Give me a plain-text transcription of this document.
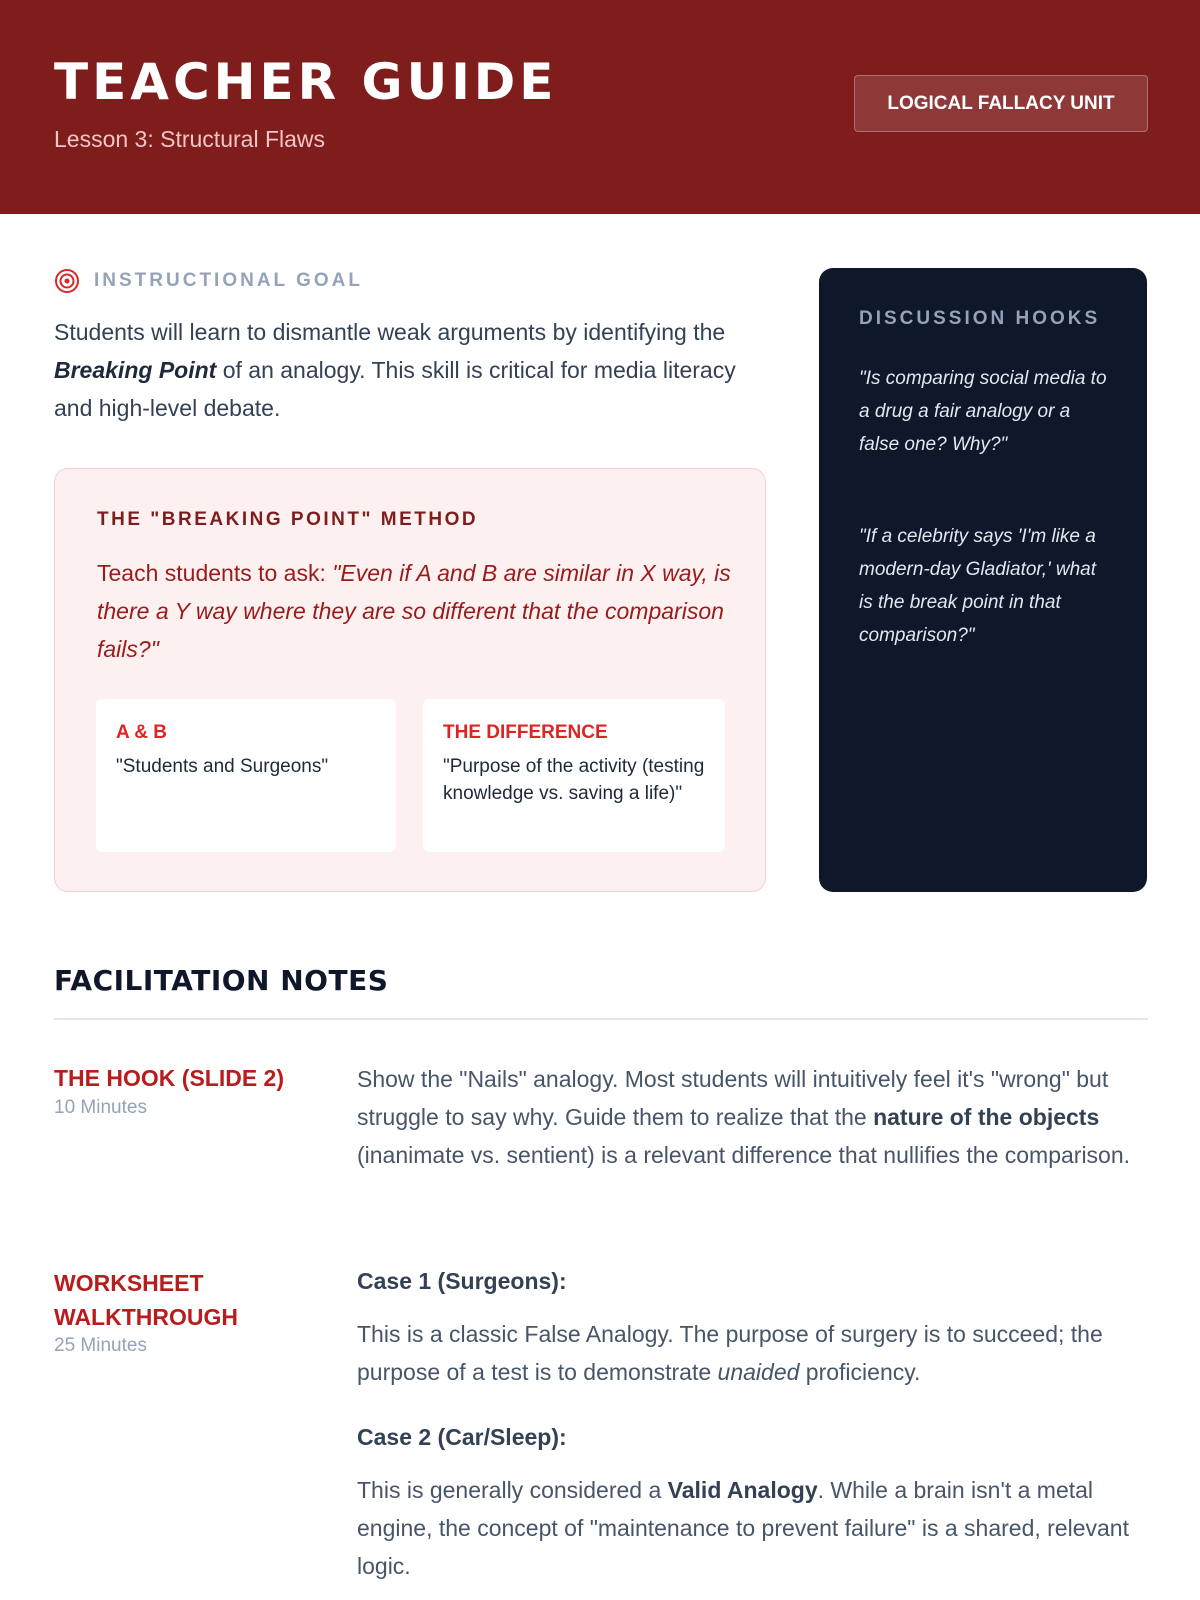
TEACHER GUIDE
Lesson 3: Structural Flaws
LOGICAL FALLACY UNIT
INSTRUCTIONAL GOAL

Students will learn to dismantle weak arguments by identifying the Breaking Point of an analogy. This skill is critical for media literacy and high-level debate.

THE "BREAKING POINT" METHOD

Teach students to ask: "Even if A and B are similar in X way, is there a Y way where they are so different that the comparison fails?"

A & B
"Students and Surgeons"
THE DIFFERENCE
"Purpose of the activity (testing knowledge vs. saving a life)"
DISCUSSION HOOKS

"Is comparing social media to a drug a fair analogy or a false one? Why?"

"If a celebrity says 'I'm like a modern-day Gladiator,' what is the break point in that comparison?"

FACILITATION NOTES
THE HOOK (SLIDE 2)
10 Minutes

Show the "Nails" analogy. Most students will intuitively feel it's "wrong" but struggle to say why. Guide them to realize that the nature of the objects (inanimate vs. sentient) is a relevant difference that nullifies the comparison.

WORKSHEET WALKTHROUGH
25 Minutes
Case 1 (Surgeons):

This is a classic False Analogy. The purpose of surgery is to succeed; the purpose of a test is to demonstrate unaided proficiency.

Case 2 (Car/Sleep):

This is generally considered a Valid Analogy. While a brain isn't a metal engine, the concept of "maintenance to prevent failure" is a shared, relevant logic.
